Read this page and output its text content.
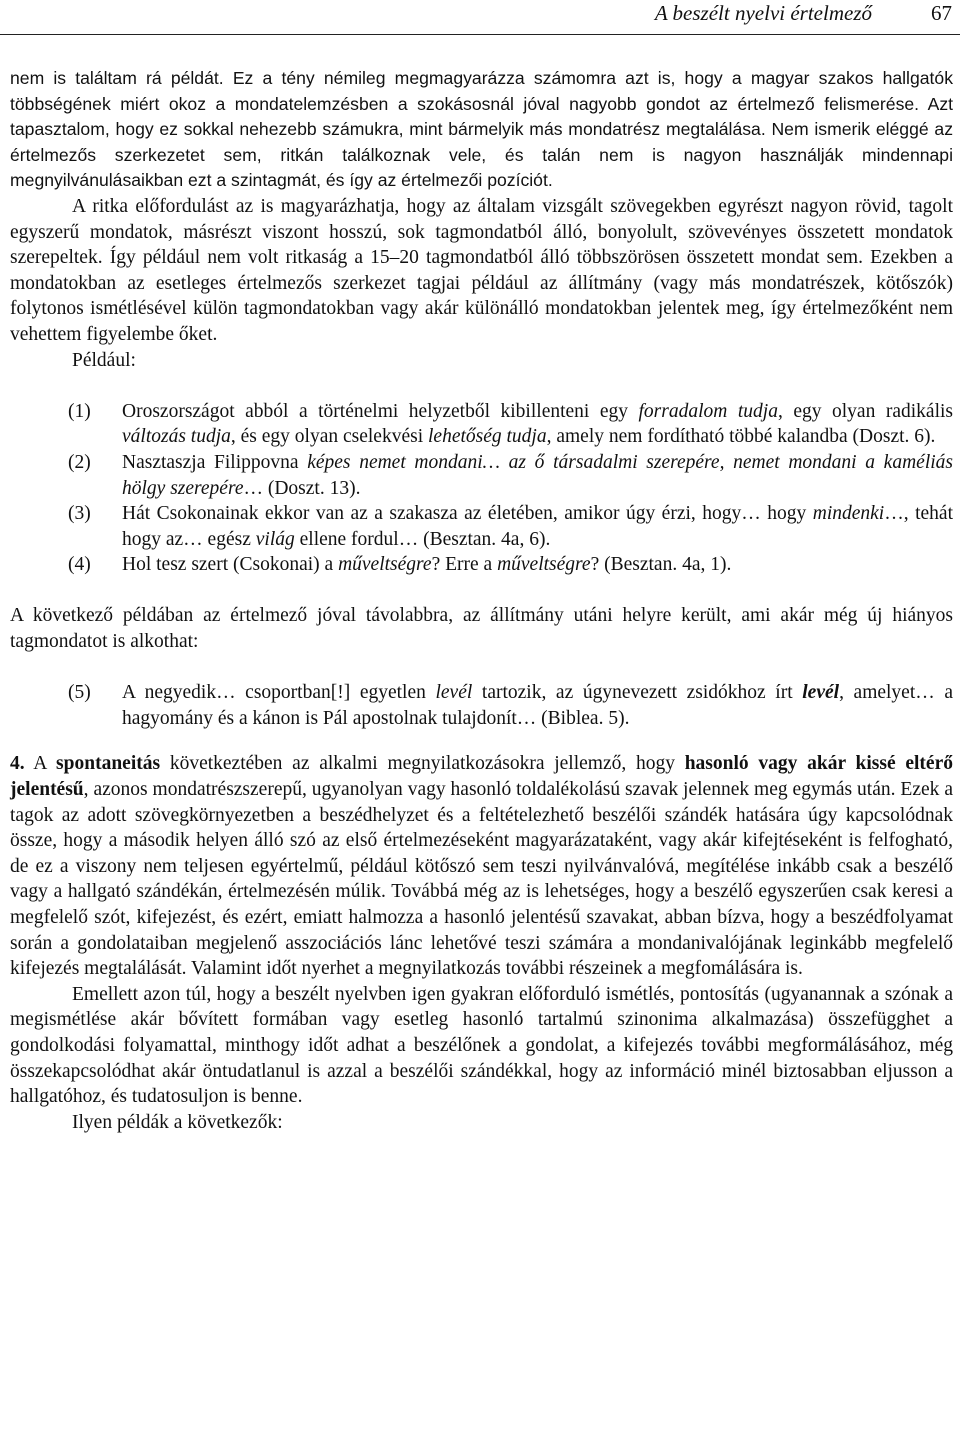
A beszélt nyelvi értelmező	67

nem is találtam rá példát. Ez a tény némileg megmagyarázza számomra azt is, hogy a magyar szakos hallgatók többségének miért okoz a mondatelemzésben a szokásosnál jóval nagyobb gondot az értelmező felismerése. Azt tapasztalom, hogy ez sokkal nehezebb számukra, mint bármelyik más mondatrész megtalálása. Nem ismerik eléggé az értelmezős szerkezetet sem, ritkán találkoznak vele, és talán nem is nagyon használják mindennapi megnyilvánulásaikban ezt a szintagmát, és így az értelmezői pozíciót.

A ritka előfordulást az is magyarázhatja, hogy az általam vizsgált szövegekben egyrészt nagyon rövid, tagolt egyszerű mondatok, másrészt viszont hosszú, sok tagmondatból álló, bonyolult, szövevényes összetett mondatok szerepeltek. Így például nem volt ritkaság a 15–20 tagmondatból álló többszörösen összetett mondat sem. Ezekben a mondatokban az esetleges értelmezős szerkezet tagjai például az állítmány (vagy más mondatrészek, kötőszók) folytonos ismétlésével külön tagmondatokban vagy akár különálló mondatokban jelentek meg, így értelmezőként nem vehettem figyelembe őket.

Például:

(1) Oroszországot abból a történelmi helyzetből kibillenteni egy forradalom tudja, egy olyan radikális változás tudja, és egy olyan cselekvési lehetőség tudja, amely nem fordítható többé kalandba (Doszt. 6).
(2) Nasztaszja Filippovna képes nemet mondani… az ő társadalmi szerepére, nemet mondani a kaméliás hölgy szerepére… (Doszt. 13).
(3) Hát Csokonainak ekkor van az a szakasza az életében, amikor úgy érzi, hogy… hogy mindenki…, tehát hogy az… egész világ ellene fordul… (Besztan. 4a, 6).
(4) Hol tesz szert (Csokonai) a műveltségre? Erre a műveltségre? (Besztan. 4a, 1).

A következő példában az értelmező jóval távolabbra, az állítmány utáni helyre került, ami akár még új hiányos tagmondatot is alkothat:

(5) A negyedik… csoportban[!] egyetlen levél tartozik, az úgynevezett zsidókhoz írt levél, amelyet… a hagyomány és a kánon is Pál apostolnak tulajdonít… (Biblea. 5).

4. A spontaneitás következtében az alkalmi megnyilatkozásokra jellemző, hogy hasonló vagy akár kissé eltérő jelentésű, azonos mondatrészszerepű, ugyanolyan vagy hasonló toldalékolású szavak jelennek meg egymás után. Ezek a tagok az adott szövegkörnyezetben a beszédhelyzet és a feltételezhető beszélői szándék hatására úgy kapcsolódnak össze, hogy a második helyen álló szó az első értelmezéseként magyarázataként, vagy akár kifejtéseként is felfogható, de ez a viszony nem teljesen egyértelmű, például kötőszó sem teszi nyilvánvalóvá, megítélése inkább csak a beszélő vagy a hallgató szándékán, értelmezésén múlik. Továbbá még az is lehetséges, hogy a beszélő egyszerűen csak keresi a megfelelő szót, kifejezést, és ezért, emiatt halmozza a hasonló jelentésű szavakat, abban bízva, hogy a beszédfolyamat során a gondolataiban megjelenő asszociációs lánc lehetővé teszi számára a mondanivalójának leginkább megfelelő kifejezés megtalálását. Valamint időt nyerhet a megnyilatkozás további részeinek a megfomálására is.

Emellett azon túl, hogy a beszélt nyelvben igen gyakran előforduló ismétlés, pontosítás (ugyanannak a szónak a megismétlése akár bővített formában vagy esetleg hasonló tartalmú szinonima alkalmazása) összefügghet a gondolkodási folyamattal, minthogy időt adhat a beszélőnek a gondolat, a kifejezés további megformálásához, még összekapcsolódhat akár öntudatlanul is azzal a beszélői szándékkal, hogy az információ minél biztosabban eljusson a hallgatóhoz, és tudatosuljon is benne.

Ilyen példák a következők:
